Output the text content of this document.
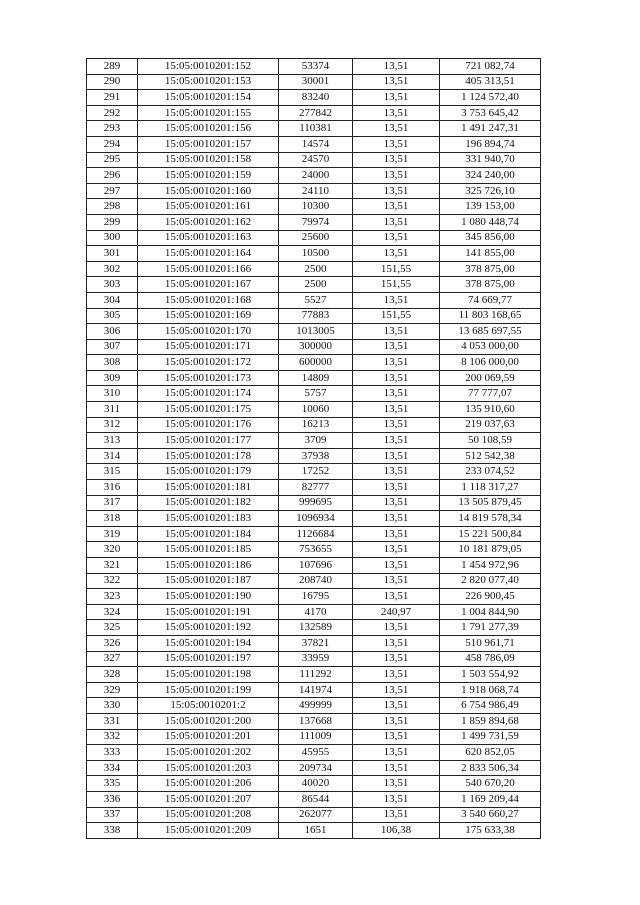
289	15:05:0010201:152	53374	13,51	721 082,74
290	15:05:0010201:153	30001	13,51	405 313,51
291	15:05:0010201:154	83240	13,51	1 124 572,40
292	15:05:0010201:155	277842	13,51	3 753 645,42
293	15:05:0010201:156	110381	13,51	1 491 247,31
294	15:05:0010201:157	14574	13,51	196 894,74
295	15:05:0010201:158	24570	13,51	331 940,70
296	15:05:0010201:159	24000	13,51	324 240,00
297	15:05:0010201:160	24110	13,51	325 726,10
298	15:05:0010201:161	10300	13,51	139 153,00
299	15:05:0010201:162	79974	13,51	1 080 448,74
300	15:05:0010201:163	25600	13,51	345 856,00
301	15:05:0010201:164	10500	13,51	141 855,00
302	15:05:0010201:166	2500	151,55	378 875,00
303	15:05:0010201:167	2500	151,55	378 875,00
304	15:05:0010201:168	5527	13,51	74 669,77
305	15:05:0010201:169	77883	151,55	11 803 168,65
306	15:05:0010201:170	1013005	13,51	13 685 697,55
307	15:05:0010201:171	300000	13,51	4 053 000,00
308	15:05:0010201:172	600000	13,51	8 106 000,00
309	15:05:0010201:173	14809	13,51	200 069,59
310	15:05:0010201:174	5757	13,51	77 777,07
311	15:05:0010201:175	10060	13,51	135 910,60
312	15:05:0010201:176	16213	13,51	219 037,63
313	15:05:0010201:177	3709	13,51	50 108,59
314	15:05:0010201:178	37938	13,51	512 542,38
315	15:05:0010201:179	17252	13,51	233 074,52
316	15:05:0010201:181	82777	13,51	1 118 317,27
317	15:05:0010201:182	999695	13,51	13 505 879,45
318	15:05:0010201:183	1096934	13,51	14 819 578,34
319	15:05:0010201:184	1126684	13,51	15 221 500,84
320	15:05:0010201:185	753655	13,51	10 181 879,05
321	15:05:0010201:186	107696	13,51	1 454 972,96
322	15:05:0010201:187	208740	13,51	2 820 077,40
323	15:05:0010201:190	16795	13,51	226 900,45
324	15:05:0010201:191	4170	240,97	1 004 844,90
325	15:05:0010201:192	132589	13,51	1 791 277,39
326	15:05:0010201:194	37821	13,51	510 961,71
327	15:05:0010201:197	33959	13,51	458 786,09
328	15:05:0010201:198	111292	13,51	1 503 554,92
329	15:05:0010201:199	141974	13,51	1 918 068,74
330	15:05:0010201:2	499999	13,51	6 754 986,49
331	15:05:0010201:200	137668	13,51	1 859 894,68
332	15:05:0010201:201	111009	13,51	1 499 731,59
333	15:05:0010201:202	45955	13,51	620 852,05
334	15:05:0010201:203	209734	13,51	2 833 506,34
335	15:05:0010201:206	40020	13,51	540 670,20
336	15:05:0010201:207	86544	13,51	1 169 209,44
337	15:05:0010201:208	262077	13,51	3 540 660,27
338	15:05:0010201:209	1651	106,38	175 633,38
